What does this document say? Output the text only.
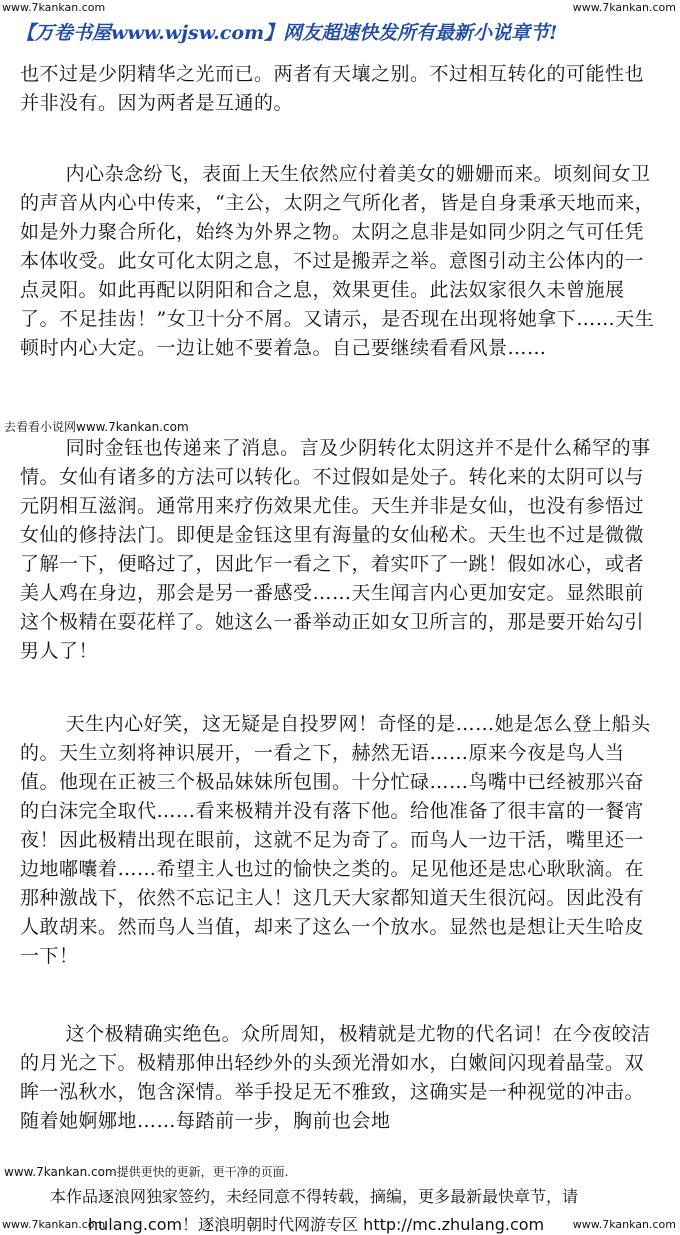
www.7kankan.com	www.7kankan.com
【万卷书屋www.wjsw.com】网友超速快发所有最新小说章节!

也不过是少阴精华之光而已。两者有天壤之别。不过相互转化的可能性也并非没有。因为两者是互通的。

内心杂念纷飞，表面上天生依然应付着美女的姗姗而来。顷刻间女卫的声音从内心中传来，“主公，太阴之气所化者，皆是自身秉承天地而来，如是外力聚合所化，始终为外界之物。太阴之息非是如同少阴之气可任凭本体收受。此女可化太阴之息，不过是搬弄之举。意图引动主公体内的一点灵阳。如此再配以阴阳和合之息，效果更佳。此法奴家很久未曾施展了。不足挂齿！”女卫十分不屑。又请示，是否现在出现将她拿下……天生顿时内心大定。一边让她不要着急。自己要继续看看风景……

去看看小说网www.7kankan.com

同时金钰也传递来了消息。言及少阴转化太阴这并不是什么稀罕的事情。女仙有诸多的方法可以转化。不过假如是处子。转化来的太阴可以与元阴相互滋润。通常用来疗伤效果尤佳。天生并非是女仙，也没有参悟过女仙的修持法门。即便是金钰这里有海量的女仙秘术。天生也不过是微微了解一下，便略过了，因此乍一看之下，着实吓了一跳！假如冰心，或者美人鸡在身边，那会是另一番感受……天生闻言内心更加安定。显然眼前这个极精在耍花样了。她这么一番举动正如女卫所言的，那是要开始勾引男人了！

天生内心好笑，这无疑是自投罗网！奇怪的是……她是怎么登上船头的。天生立刻将神识展开，一看之下，赫然无语……原来今夜是鸟人当值。他现在正被三个极品妹妹所包围。十分忙碌……鸟嘴中已经被那兴奋的白沫完全取代……看来极精并没有落下他。给他准备了很丰富的一餐宵夜！因此极精出现在眼前，这就不足为奇了。而鸟人一边干活，嘴里还一边地嘟囔着……希望主人也过的愉快之类的。足见他还是忠心耿耿滴。在那种激战下，依然不忘记主人！这几天大家都知道天生很沉闷。因此没有人敢胡来。然而鸟人当值，却来了这么一个放水。显然也是想让天生哈皮一下！

这个极精确实绝色。众所周知，极精就是尤物的代名词！在今夜皎洁的月光之下。极精那伸出轻纱外的头颈光滑如水，白嫩间闪现着晶莹。双眸一泓秋水，饱含深情。举手投足无不雅致，这确实是一种视觉的冲击。随着她婀娜地……每踏前一步，胸前也会地

www.7kankan.com提供更快的更新，更干净的页面.
本作品逐浪网独家签约，未经同意不得转载，摘编，更多最新最快章节，请
hulang.com！逐浪明朝时代网游专区 http://mc.zhulang.com
www.7kankan.com	www.7kankan.com
